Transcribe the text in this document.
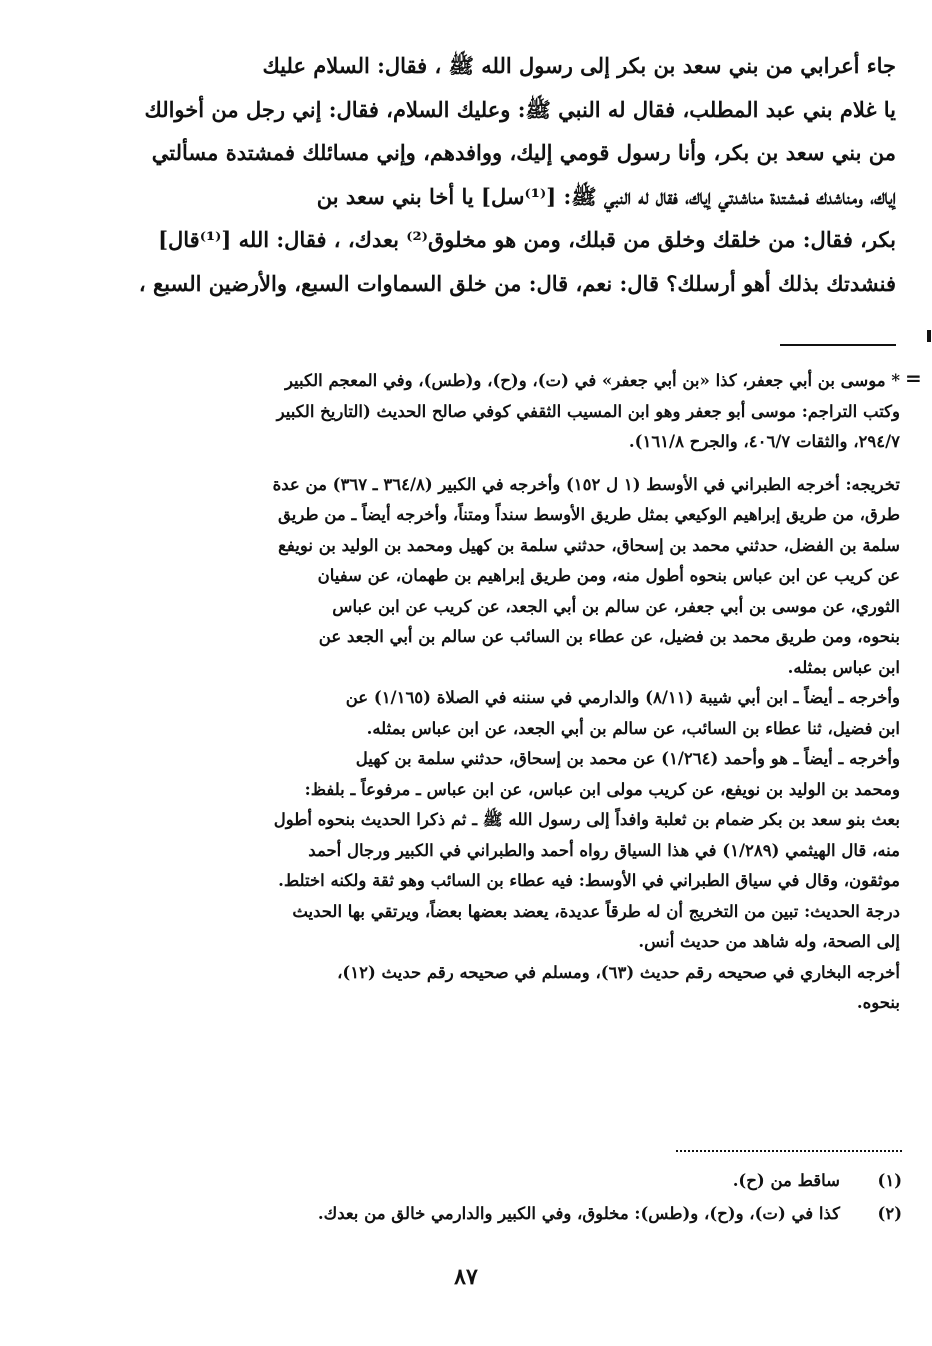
جاء أعرابي من بني سعد بن بكر إلى رسول الله ﷺ ، فقال: السلام عليك
يا غلام بني عبد المطلب، فقال له النبي ﷺ: وعليك السلام، فقال: إني رجل من أخوالك
من بني سعد بن بكر، وأنا رسول قومي إليك، ووافدهم، وإني مسائلك فمشتدة مسألتي
إياك، ومناشدك فمشتدة مناشدتي إياك، فقال له النبي ﷺ: [⁽¹⁾سل] يا أخا بني سعد بن
بكر، فقال: من خلقك وخلق من قبلك، ومن هو مخلوق⁽²⁾ بعدك، ، فقال: الله [⁽¹⁾قال]
فنشدتك بذلك أهو أرسلك؟ قال: نعم، قال: من خلق السماوات السبع، والأرضين السبع ،
=
* موسى بن أبي جعفر، كذا «بن أبي جعفر» في (ت)، و(ح)، و(طس)، وفي المعجم الكبير
وكتب التراجم: موسى أبو جعفر وهو ابن المسيب الثقفي كوفي صالح الحديث (التاريخ الكبير
٢٩٤/٧، والثقات ٤٠٦/٧، والجرح ١٦١/٨).
تخريجه: أخرجه الطبراني في الأوسط (١ ل ١٥٢) وأخرجه في الكبير (٣٦٤/٨ ـ ٣٦٧) من عدة
طرق، من طريق إبراهيم الوكيعي بمثل طريق الأوسط سنداً ومتناً، وأخرجه أيضاً ـ من طريق
سلمة بن الفضل، حدثني محمد بن إسحاق، حدثني سلمة بن كهيل ومحمد بن الوليد بن نويفع
عن كريب عن ابن عباس بنحوه أطول منه، ومن طريق إبراهيم بن طهمان، عن سفيان
الثوري، عن موسى بن أبي جعفر، عن سالم بن أبي الجعد، عن كريب عن ابن عباس
بنحوه، ومن طريق محمد بن فضيل، عن عطاء بن السائب عن سالم بن أبي الجعد عن
ابن عباس بمثله.
وأخرجه ـ أيضاً ـ ابن أبي شيبة (٨/١١) والدارمي في سننه في الصلاة (١/١٦٥) عن
ابن فضيل، ثنا عطاء بن السائب، عن سالم بن أبي الجعد، عن ابن عباس بمثله.
وأخرجه ـ أيضاً ـ هو وأحمد (١/٢٦٤) عن محمد بن إسحاق، حدثني سلمة بن كهيل
ومحمد بن الوليد بن نويفع، عن كريب مولى ابن عباس، عن ابن عباس ـ مرفوعاً ـ بلفظ:
بعث بنو سعد بن بكر ضمام بن ثعلبة وافداً إلى رسول الله ﷺ ـ ثم ذكرا الحديث بنحوه أطول
منه، قال الهيثمي (١/٢٨٩) في هذا السياق رواه أحمد والطبراني في الكبير ورجال أحمد
موثقون، وقال في سياق الطبراني في الأوسط: فيه عطاء بن السائب وهو ثقة ولكنه اختلط.
درجة الحديث: تبين من التخريج أن له طرقاً عديدة، يعضد بعضها بعضاً، ويرتقي بها الحديث
إلى الصحة، وله شاهد من حديث أنس.
أخرجه البخاري في صحيحه رقم حديث (٦٣)، ومسلم في صحيحه رقم حديث (١٢)،
بنحوه.
(١)
ساقط من (ح).
(٢)
كذا في (ت)، و(ح)، و(طس): مخلوق، وفي الكبير والدارمي خالق من بعدك.
٨٧
